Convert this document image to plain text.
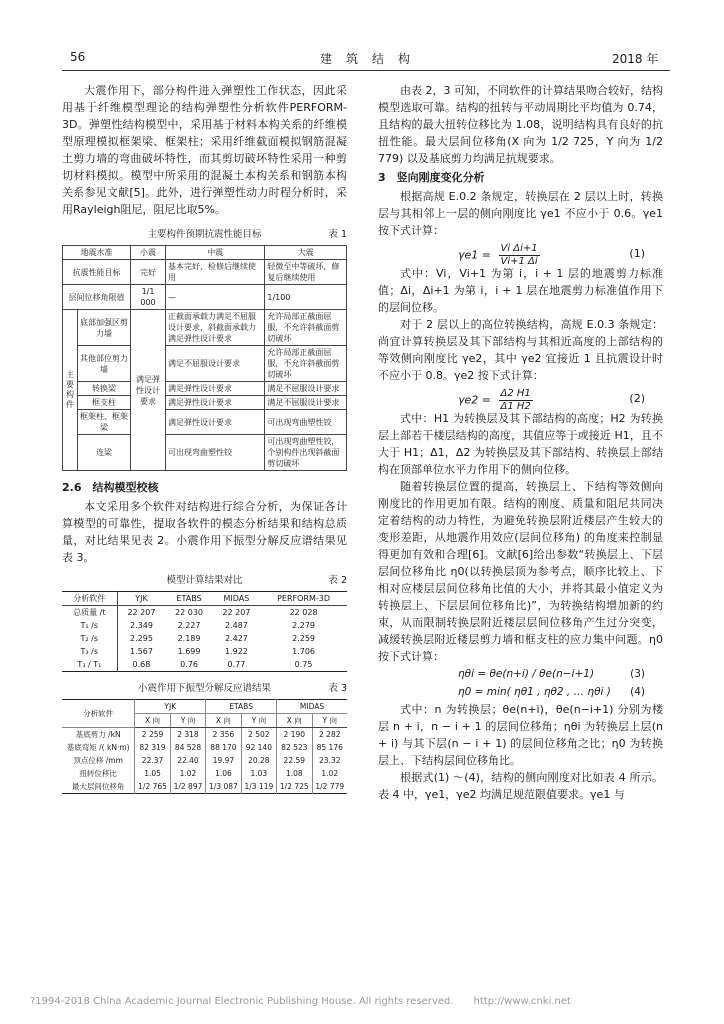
56	建　筑　结　构	2018 年

大震作用下，部分构件进入弹塑性工作状态，因此采用基于纤维模型理论的结构弹塑性分析软件PERFORM-3D。弹塑性结构模型中，采用基于材料本构关系的纤维模型原理模拟框架梁、框架柱；采用纤维截面模拟钢筋混凝土剪力墙的弯曲破坏特性，而其剪切破坏特性采用一种剪切材料模拟。模型中所采用的混凝土本构关系和钢筋本构关系参见文献[5]。此外，进行弹塑性动力时程分析时，采用Rayleigh阻尼，阻尼比取5%。

主要构件预期抗震性能目标	表 1
地震水准		小震	中震	大震
抗震性能目标		完好	基本完好，检修后继续使用	轻微至中等破坏，修复后继续使用
层间位移角限值		1/1 000	—	1/100
主要构件	底部加强区剪力墙	满足弹性设计要求	正截面承载力满足不屈服设计要求，斜截面承载力满足弹性设计要求	允许局部正截面屈服，不允许斜截面剪切破坏
	其他部位剪力墙		满足不屈服设计要求	允许局部正截面屈服，不允许斜截面剪切破坏
	转换梁		满足弹性设计要求	满足不屈服设计要求
	框支柱		满足弹性设计要求	满足不屈服设计要求
	框架柱、框架梁		满足弹性设计要求	可出现弯曲塑性铰
	连梁		可出现弯曲塑性铰	可出现弯曲塑性铰，个别构件出现斜截面剪切破坏

2.6　结构模型校核

本文采用多个软件对结构进行综合分析，为保证各计算模型的可靠性，提取各软件的模态分析结果和结构总质量，对比结果见表 2。小震作用下振型分解反应谱结果见表 3。

模型计算结果对比	表 2
分析软件	YJK	ETABS	MIDAS	PERFORM-3D
总质量 /t	22 207	22 030	22 207	22 028
T₁ /s	2.349	2.227	2.487	2.279
T₂ /s	2.295	2.189	2.427	2.259
T₃ /s	1.567	1.699	1.922	1.706
T₃ / T₁	0.68	0.76	0.77	0.75
小震作用下振型分解反应谱结果	表 3
分析软件	YJK		ETABS		MIDAS	
	X 向	Y 向	X 向	Y 向	X 向	Y 向
基底剪力 /kN	2 259	2 318	2 356	2 502	2 190	2 282
基底弯矩 /( kN·m)	82 319	84 528	88 170	92 140	82 523	85 176
顶点位移 /mm	22.37	22.40	19.97	20.28	22.59	23.32
扭转位移比	1.05	1.02	1.06	1.03	1.08	1.02
最大层间位移角	1/2 765	1/2 897	1/3 087	1/3 119	1/2 725	1/2 779

由表 2，3 可知，不同软件的计算结果吻合较好，结构模型选取可靠。结构的扭转与平动周期比平均值为 0.74，且结构的最大扭转位移比为 1.08，说明结构具有良好的抗扭性能。最大层间位移角(X 向为 1/2 725，Y 向为 1/2 779) 以及基底剪力均满足抗规要求。

3　竖向刚度变化分析

根据高规 E.0.2 条规定，转换层在 2 层以上时，转换层与其相邻上一层的侧向刚度比 γe1 不应小于 0.6。γe1 按下式计算：

$\gamma e1 = \frac{\text{Vi Δi+1}}{Vi+1 \Delta i}$	(1)

式中：Vi，Vi+1 为第 i，i + 1 层的地震剪力标准值；Δi，Δi+1 为第 i，i + 1 层在地震剪力标准值作用下的层间位移。

对于 2 层以上的高位转换结构，高规 E.0.3 条规定：尚宜计算转换层及其下部结构与其相近高度的上部结构的等效侧向刚度比 γe2，其中 γe2 宜接近 1 且抗震设计时不应小于 0.8。γe2 按下式计算：

$\gamma e2 = \frac{\Delta 2 H1}{\Delta 1 H2}$	(2)

式中：H1 为转换层及其下部结构的高度；H2 为转换层上部若干楼层结构的高度，其值应等于或接近 H1，且不大于 H1；Δ1，Δ2 为转换层及其下部结构、转换层上部结构在顶部单位水平力作用下的侧向位移。

随着转换层位置的提高，转换层上、下结构等效侧向刚度比的作用更加有限。结构的刚度、质量和阻尼共同决定着结构的动力特性，为避免转换层附近楼层产生较大的变形差距，从地震作用效应(层间位移角) 的角度来控制显得更加有效和合理[6]。文献[6]给出参数“转换层上、下层层间位移角比 η0(以转换层顶为参考点，顺序比较上、下相对应楼层层间位移角比值的大小，并将其最小值定义为转换层上、下层层间位移角比)”，为转换结构增加新的约束，从而限制转换层附近楼层层间位移角产生过分突变，减缓转换层附近楼层剪力墙和框支柱的应力集中问题。η0 按下式计算：

ηθi = θe(n+i) / θe(n−i+1)	(3)
η0 = min( ηθ1 , ηθ2 , … ηθi ) (4)

式中：n 为转换层；θe(n+i)，θe(n−i+1) 分别为楼层 n + i，n − i + 1 的层间位移角；ηθi 为转换层上层(n + i) 与其下层(n − i + 1) 的层间位移角之比；η0 为转换层上、下结构层间位移角比。

根据式(1) ～(4)，结构的侧向刚度对比如表 4 所示。表 4 中，γe1，γe2 均满足规范限值要求。γe1 与

?1994-2018 China Academic Journal Electronic Publishing House. All rights reserved.　　http://www.cnki.net
